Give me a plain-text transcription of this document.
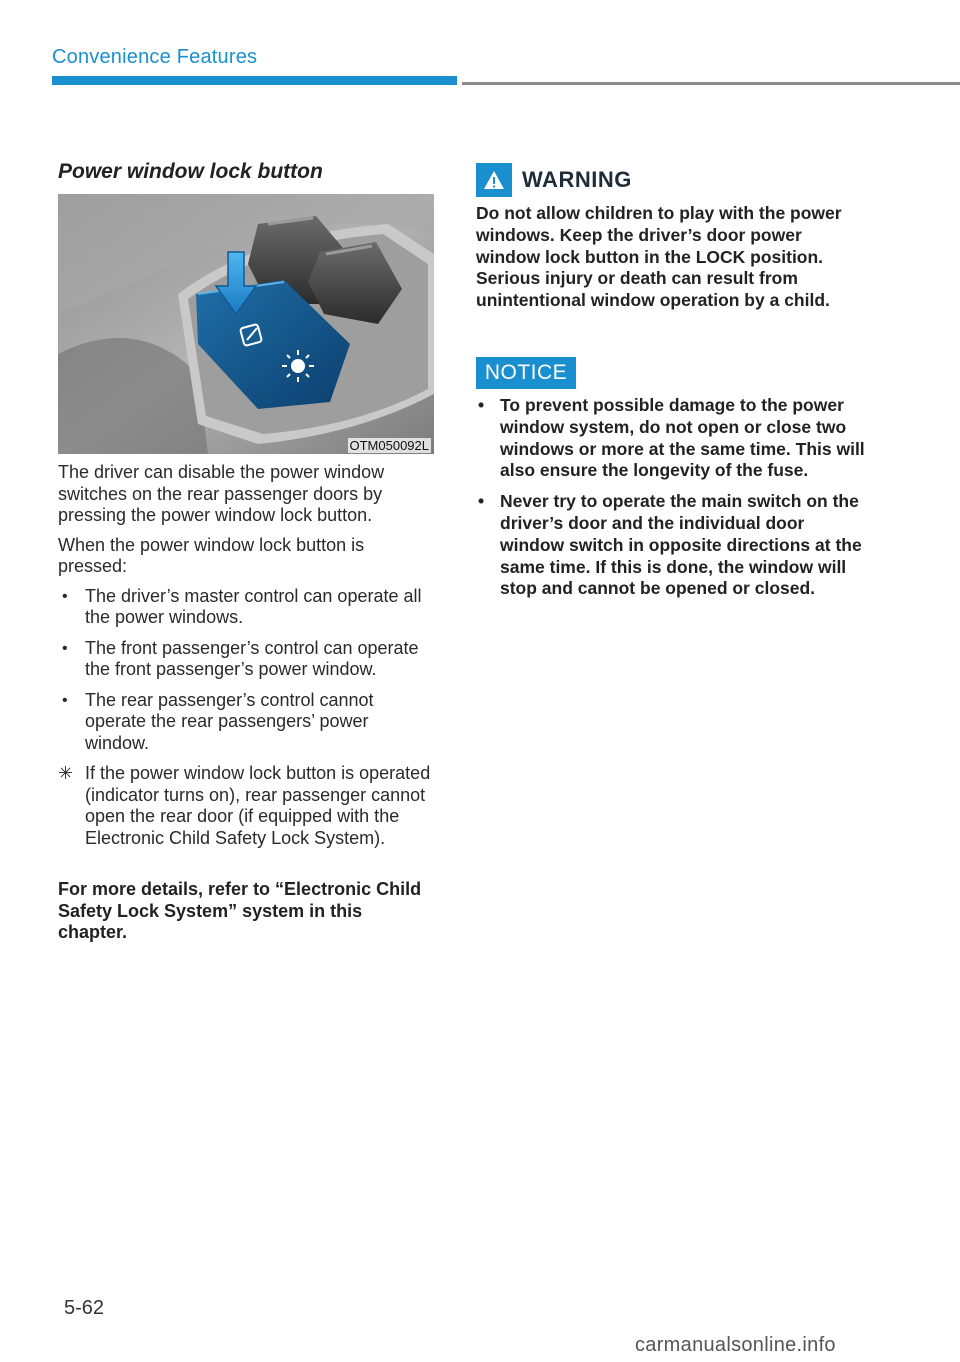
Convenience Features
Power window lock button
OTM050092L

The driver can disable the power window switches on the rear passenger doors by pressing the power window lock button.

When the power window lock button is pressed:

• The driver’s master control can operate all the power windows.
• The front passenger’s control can operate the front passenger’s power window.
• The rear passenger’s control cannot operate the rear passengers’ power window.

✳ If the power window lock button is operated (indicator turns on), rear passenger cannot open the rear door (if equipped with the Electronic Child Safety Lock System).

For more details, refer to “Electronic Child Safety Lock System” system in this chapter.

WARNING

Do not allow children to play with the power windows. Keep the driver’s door power window lock button in the LOCK position. Serious injury or death can result from unintentional window operation by a child.

NOTICE
• To prevent possible damage to the power window system, do not open or close two windows or more at the same time. This will also ensure the longevity of the fuse.
• Never try to operate the main switch on the driver’s door and the individual door window switch in opposite directions at the same time. If this is done, the window will stop and cannot be opened or closed.
5-62
carmanualsonline.info
